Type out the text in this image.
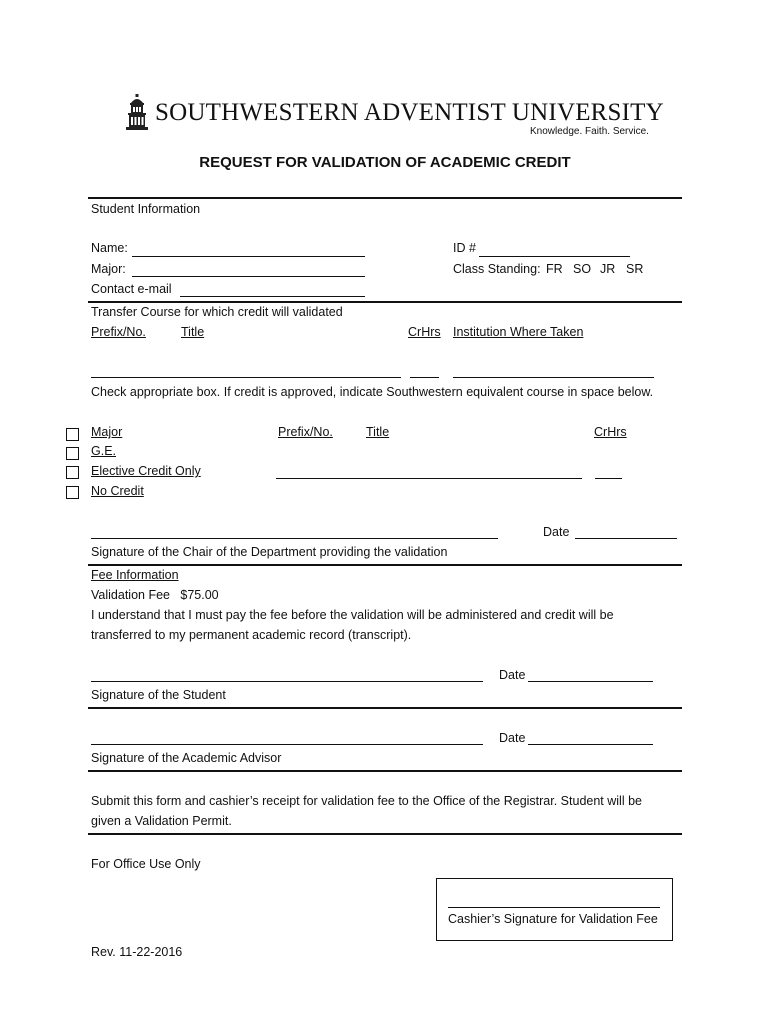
SOUTHWESTERN ADVENTIST UNIVERSITY
Knowledge. Faith. Service.
REQUEST FOR VALIDATION OF ACADEMIC CREDIT
Student Information
Name:	ID #
Major:	Class Standing: FR SO JR SR
Contact e-mail
Transfer Course for which credit will validated
Prefix/No.	Title	CrHrs Institution Where Taken
Check appropriate box. If credit is approved, indicate Southwestern equivalent course in space below.
Major
G.E.
Elective Credit Only
No Credit
Prefix/No.	Title	CrHrs
Date
Signature of the Chair of the Department providing the validation
Fee Information
Validation Fee   $75.00
I understand that I must pay the fee before the validation will be administered and credit will be
transferred to my permanent academic record (transcript).
Date
Signature of the Student
Date
Signature of the Academic Advisor
Submit this form and cashier’s receipt for validation fee to the Office of the Registrar. Student will be
given a Validation Permit.
For Office Use Only
Cashier’s Signature for Validation Fee
Rev. 11-22-2016
